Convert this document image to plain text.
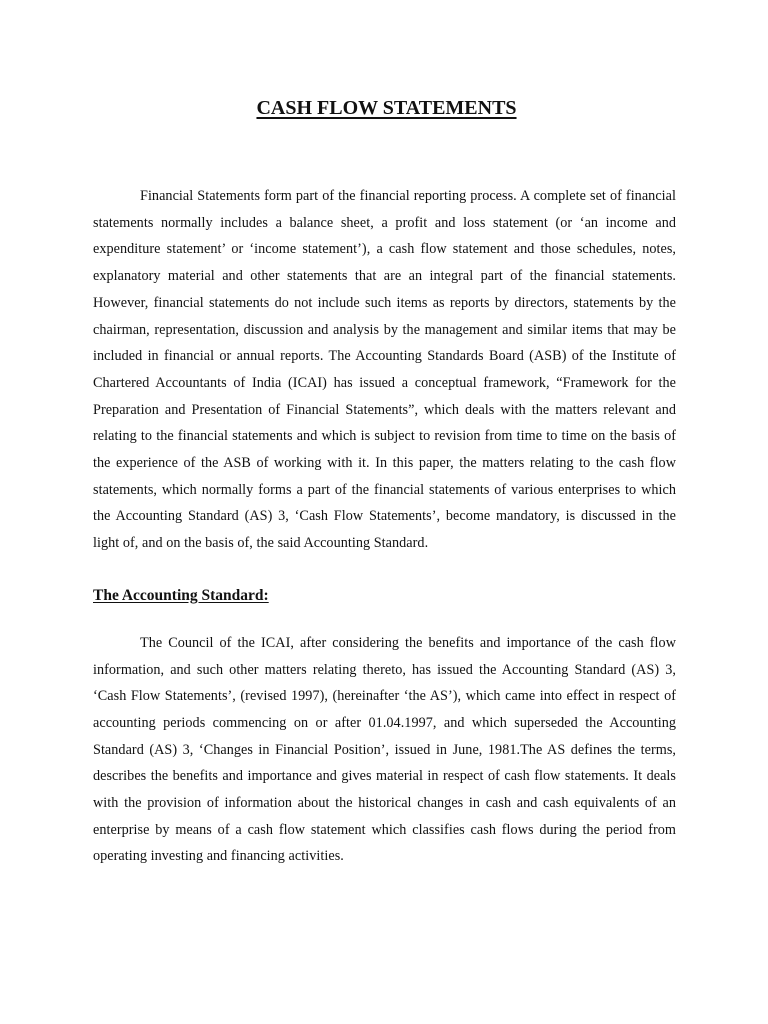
CASH FLOW STATEMENTS

Financial Statements form part of the financial reporting process. A complete set of financial statements normally includes a balance sheet, a profit and loss statement (or ‘an income and expenditure statement’ or ‘income statement’), a cash flow statement and those schedules, notes, explanatory material and other statements that are an integral part of the financial statements. However, financial statements do not include such items as reports by directors, statements by the chairman, representation, discussion and analysis by the management and similar items that may be included in financial or annual reports. The Accounting Standards Board (ASB) of the Institute of Chartered Accountants of India (ICAI) has issued a conceptual framework, “Framework for the Preparation and Presentation of Financial Statements”, which deals with the matters relevant and relating to the financial statements and which is subject to revision from time to time on the basis of the experience of the ASB of working with it. In this paper, the matters relating to the cash flow statements, which normally forms a part of the financial statements of various enterprises to which the Accounting Standard (AS) 3, ‘Cash Flow Statements’, become mandatory, is discussed in the light of, and on the basis of, the said Accounting Standard.

The Accounting Standard:

The Council of the ICAI, after considering the benefits and importance of the cash flow information, and such other matters relating thereto, has issued the Accounting Standard (AS) 3, ‘Cash Flow Statements’, (revised 1997), (hereinafter ‘the AS’), which came into effect in respect of accounting periods commencing on or after 01.04.1997, and which superseded the Accounting Standard (AS) 3, ‘Changes in Financial Position’, issued in June, 1981.The AS defines the terms, describes the benefits and importance and gives material in respect of cash flow statements. It deals with the provision of information about the historical changes in cash and cash equivalents of an enterprise by means of a cash flow statement which classifies cash flows during the period from operating investing and financing activities.
